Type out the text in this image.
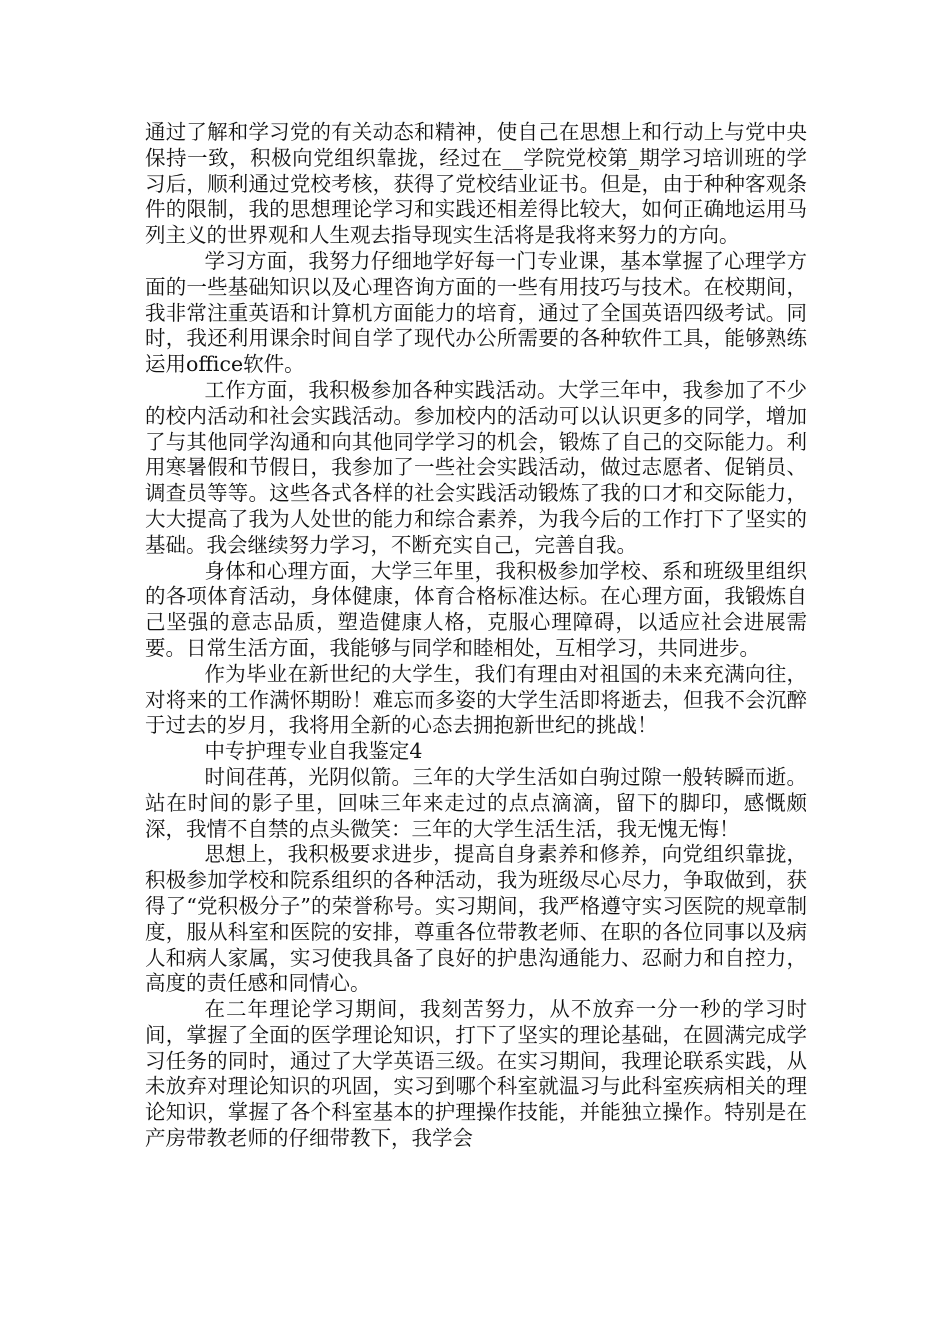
通过了解和学习党的有关动态和精神，使自己在思想上和行动上与党中央保持一致，积极向党组织靠拢，经过在__学院党校第_期学习培训班的学习后，顺利通过党校考核，获得了党校结业证书。但是，由于种种客观条件的限制，我的思想理论学习和实践还相差得比较大，如何正确地运用马列主义的世界观和人生观去指导现实生活将是我将来努力的方向。

学习方面，我努力仔细地学好每一门专业课，基本掌握了心理学方面的一些基础知识以及心理咨询方面的一些有用技巧与技术。在校期间，我非常注重英语和计算机方面能力的培育，通过了全国英语四级考试。同时，我还利用课余时间自学了现代办公所需要的各种软件工具，能够熟练运用office软件。

工作方面，我积极参加各种实践活动。大学三年中，我参加了不少的校内活动和社会实践活动。参加校内的活动可以认识更多的同学，增加了与其他同学沟通和向其他同学学习的机会，锻炼了自己的交际能力。利用寒暑假和节假日，我参加了一些社会实践活动，做过志愿者、促销员、调查员等等。这些各式各样的社会实践活动锻炼了我的口才和交际能力，大大提高了我为人处世的能力和综合素养，为我今后的工作打下了坚实的基础。我会继续努力学习，不断充实自己，完善自我。

身体和心理方面，大学三年里，我积极参加学校、系和班级里组织的各项体育活动，身体健康，体育合格标准达标。在心理方面，我锻炼自己坚强的意志品质，塑造健康人格，克服心理障碍，以适应社会进展需要。日常生活方面，我能够与同学和睦相处，互相学习，共同进步。

作为毕业在新世纪的大学生，我们有理由对祖国的未来充满向往，对将来的工作满怀期盼！难忘而多姿的大学生活即将逝去，但我不会沉醉于过去的岁月，我将用全新的心态去拥抱新世纪的挑战！

中专护理专业自我鉴定4

时间荏苒，光阴似箭。三年的大学生活如白驹过隙一般转瞬而逝。站在时间的影子里，回味三年来走过的点点滴滴，留下的脚印，感慨颇深，我情不自禁的点头微笑：三年的大学生活生活，我无愧无悔！

思想上，我积极要求进步，提高自身素养和修养，向党组织靠拢，积极参加学校和院系组织的各种活动，我为班级尽心尽力，争取做到，获得了“党积极分子”的荣誉称号。实习期间，我严格遵守实习医院的规章制度，服从科室和医院的安排，尊重各位带教老师、在职的各位同事以及病人和病人家属，实习使我具备了良好的护患沟通能力、忍耐力和自控力，高度的责任感和同情心。

在二年理论学习期间，我刻苦努力，从不放弃一分一秒的学习时间，掌握了全面的医学理论知识，打下了坚实的理论基础，在圆满完成学习任务的同时，通过了大学英语三级。在实习期间，我理论联系实践，从未放弃对理论知识的巩固，实习到哪个科室就温习与此科室疾病相关的理论知识，掌握了各个科室基本的护理操作技能，并能独立操作。特别是在产房带教老师的仔细带教下，我学会
